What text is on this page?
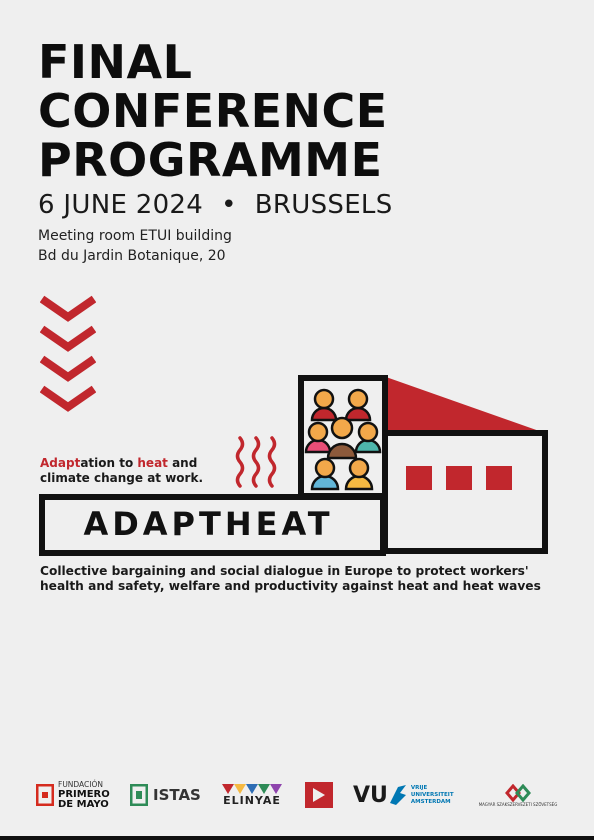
FINAL
CONFERENCE
PROGRAMME
6 JUNE 2024 • BRUSSELS
Meeting room ETUI building
Bd du Jardin Botanique, 20
Adaptation to heat and
climate change at work.
ADAPTHEAT
Collective bargaining and social dialogue in Europe to protect workers' health and safety, welfare and productivity against heat and heat waves
FUNDACIÓN
PRIMERO
DE MAYO
ISTAS ELINYAE	VU	VRIJE
UNIVERSITEIT
AMSTERDAM	MAGYAR SZAKSZERVEZETI SZÖVETSÉG
